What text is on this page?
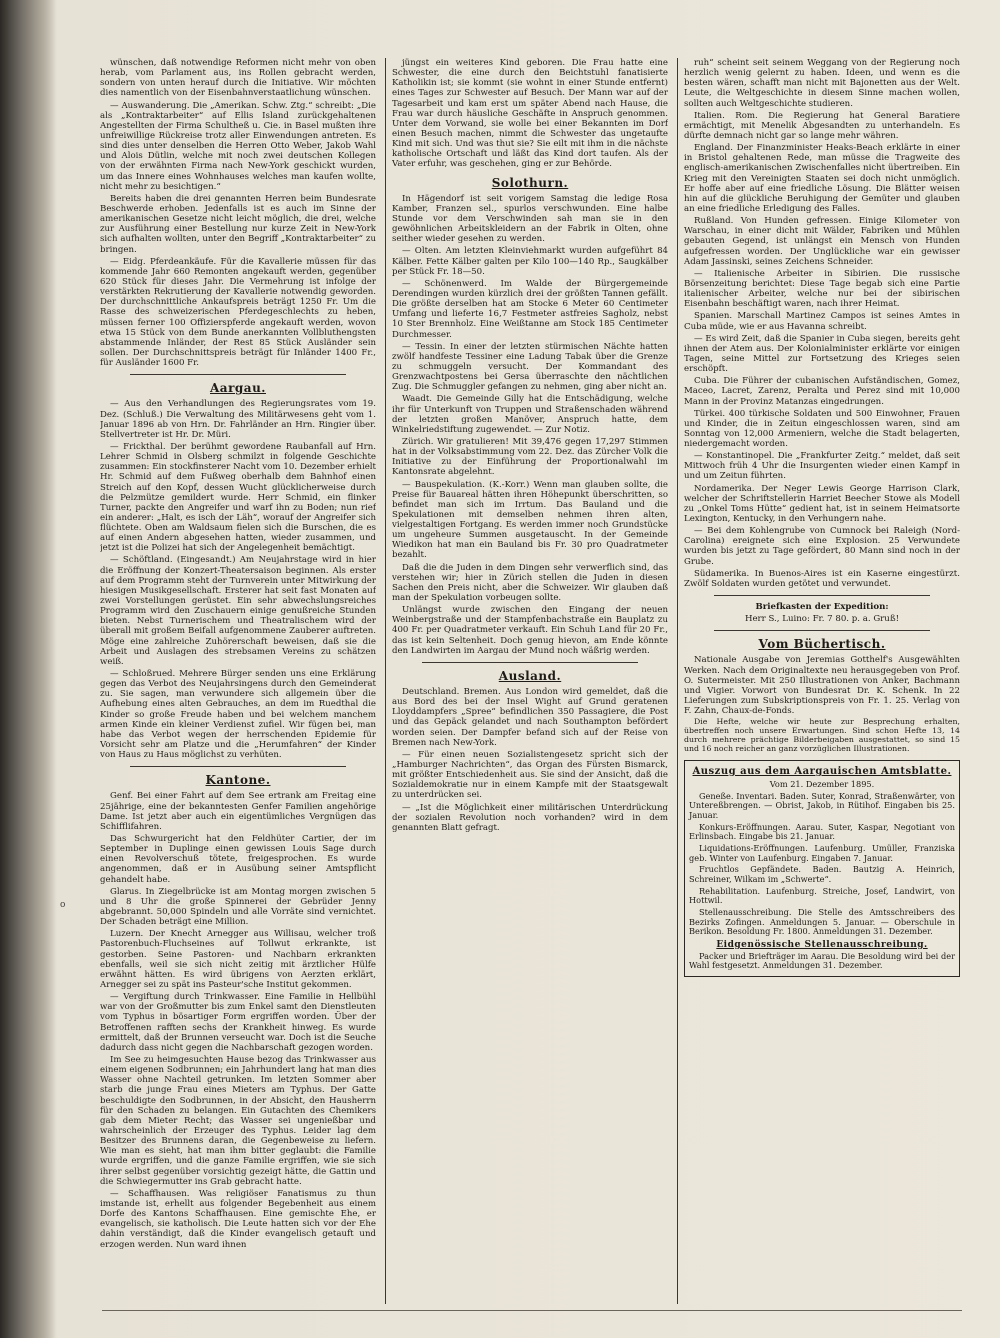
o

wünschen, daß notwendige Reformen nicht mehr von oben herab, vom Parlament aus, ins Rollen gebracht werden, sondern von unten herauf durch die Initiative. Wir möchten dies namentlich von der Eisenbahnverstaatlichung wünschen.

— Auswanderung. Die „Amerikan. Schw. Ztg.“ schreibt: „Die als „Kontraktarbeiter“ auf Ellis Island zurückgehaltenen Angestellten der Firma Schultheß u. Cie. in Basel mußten ihre unfreiwillige Rückreise trotz aller Einwendungen antreten. Es sind dies unter denselben die Herren Otto Weber, Jakob Wahl und Alois Dütlin, welche mit noch zwei deutschen Kollegen von der erwähnten Firma nach New-York geschickt wurden, um das Innere eines Wohnhauses welches man kaufen wollte, nicht mehr zu besichtigen.“

Bereits haben die drei genannten Herren beim Bundesrate Beschwerde erhoben. Jedenfalls ist es auch im Sinne der amerikanischen Gesetze nicht leicht möglich, die drei, welche zur Ausführung einer Bestellung nur kurze Zeit in New-York sich aufhalten wollten, unter den Begriff „Kontraktarbeiter“ zu bringen.

— Eidg. Pferdeankäufe. Für die Kavallerie müssen für das kommende Jahr 660 Remonten angekauft werden, gegenüber 620 Stück für dieses Jahr. Die Vermehrung ist infolge der verstärkten Rekrutierung der Kavallerie notwendig geworden. Der durchschnittliche Ankaufspreis beträgt 1250 Fr. Um die Rasse des schweizerischen Pferdegeschlechts zu heben, müssen ferner 100 Offizierspferde angekauft werden, wovon etwa 15 Stück von dem Bunde anerkannten Vollbluthengsten abstammende Inländer, der Rest 85 Stück Ausländer sein sollen. Der Durchschnittspreis beträgt für Inländer 1400 Fr., für Ausländer 1600 Fr.

Aargau.

— Aus den Verhandlungen des Regierungsrates vom 19. Dez. (Schluß.) Die Verwaltung des Militärwesens geht vom 1. Januar 1896 ab von Hrn. Dr. Fahrländer an Hrn. Ringier über. Stellvertreter ist Hr. Dr. Müri.

— Frickthal. Der berühmt gewordene Raubanfall auf Hrn. Lehrer Schmid in Olsberg schmilzt in folgende Geschichte zusammen: Ein stockfinsterer Nacht vom 10. Dezember erhielt Hr. Schmid auf dem Fußweg oberhalb dem Bahnhof einen Streich auf den Kopf, dessen Wucht glücklicherweise durch die Pelzmütze gemildert wurde. Herr Schmid, ein flinker Turner, packte den Angreifer und warf ihn zu Boden; nun rief ein anderer: „Halt, es isch der Läh“, worauf der Angreifer sich flüchtete. Oben am Waldsaum fielen sich die Burschen, die es auf einen Andern abgesehen hatten, wieder zusammen, und jetzt ist die Polizei hat sich der Angelegenheit bemächtigt.

— Schöftland. (Eingesandt.) Am Neujahrstage wird in hier die Eröffnung der Konzert-Theatersaison beginnen. Als erster auf dem Programm steht der Turnverein unter Mitwirkung der hiesigen Musikgesellschaft. Ersterer hat seit fast Monaten auf zwei Vorstellungen gerüstet. Ein sehr abwechslungsreiches Programm wird den Zuschauern einige genußreiche Stunden bieten. Nebst Turnerischem und Theatralischem wird der überall mit großem Beifall aufgenommene Zauberer auftreten. Möge eine zahlreiche Zuhörerschaft beweisen, daß sie die Arbeit und Auslagen des strebsamen Vereins zu schätzen weiß.

— Schloßrued. Mehrere Bürger senden uns eine Erklärung gegen das Verbot des Neujahrsingens durch den Gemeinderat zu. Sie sagen, man verwundere sich allgemein über die Aufhebung eines alten Gebrauches, an dem im Ruedthal die Kinder so große Freude haben und bei welchem manchem armen Kinde ein kleiner Verdienst zufiel. Wir fügen bei, man habe das Verbot wegen der herrschenden Epidemie für Vorsicht sehr am Platze und die „Herumfahren“ der Kinder von Haus zu Haus möglichst zu verhüten.

Kantone.

Genf. Bei einer Fahrt auf dem See ertrank am Freitag eine 25jährige, eine der bekanntesten Genfer Familien angehörige Dame. Ist jetzt aber auch ein eigentümliches Vergnügen das Schifflifahren.

Das Schwurgericht hat den Feldhüter Cartier, der im September in Duplinge einen gewissen Louis Sage durch einen Revolverschuß tötete, freigesprochen. Es wurde angenommen, daß er in Ausübung seiner Amtspflicht gehandelt habe.

Glarus. In Ziegelbrücke ist am Montag morgen zwischen 5 und 8 Uhr die große Spinnerei der Gebrüder Jenny abgebrannt. 50,000 Spindeln und alle Vorräte sind vernichtet. Der Schaden beträgt eine Million.

Luzern. Der Knecht Arnegger aus Willisau, welcher troß Pastorenbuch-Fluchseines auf Tollwut erkrankte, ist gestorben. Seine Pastoren- und Nachbarn erkrankten ebenfalls, weil sie sich nicht zeitig mit ärztlicher Hülfe erwähnt hätten. Es wird übrigens von Aerzten erklärt, Arnegger sei zu spät ins Pasteur'sche Institut gekommen.

— Vergiftung durch Trinkwasser. Eine Familie in Hellbühl war von der Großmutter bis zum Enkel samt den Dienstleuten vom Typhus in bösartiger Form ergriffen worden. Über der Betroffenen rafften sechs der Krankheit hinweg. Es wurde ermittelt, daß der Brunnen verseucht war. Doch ist die Seuche dadurch dass nicht gegen die Nachbarschaft gezogen worden.

Im See zu heimgesuchten Hause bezog das Trinkwasser aus einem eigenen Sodbrunnen; ein Jahrhundert lang hat man dies Wasser ohne Nachteil getrunken. Im letzten Sommer aber starb die junge Frau eines Mieters am Typhus. Der Gatte beschuldigte den Sodbrunnen, in der Absicht, den Hausherrn für den Schaden zu belangen. Ein Gutachten des Chemikers gab dem Mieter Recht; das Wasser sei ungenießbar und wahrscheinlich der Erzeuger des Typhus. Leider lag dem Besitzer des Brunnens daran, die Gegenbeweise zu liefern. Wie man es sieht, hat man ihm bitter geglaubt: die Familie wurde ergriffen, und die ganze Familie ergriffen, wie sie sich ihrer selbst gegenüber vorsichtig gezeigt hätte, die Gattin und die Schwiegermutter ins Grab gebracht hatte.

— Schaffhausen. Was religiöser Fanatismus zu thun imstande ist, erhellt aus folgender Begebenheit aus einem Dorfe des Kantons Schaffhausen. Eine gemischte Ehe, er evangelisch, sie katholisch. Die Leute hatten sich vor der Ehe dahin verständigt, daß die Kinder evangelisch getauft und erzogen werden. Nun ward ihnen

jüngst ein weiteres Kind geboren. Die Frau hatte eine Schwester, die eine durch den Beichtstuhl fanatisierte Katholikin ist; sie kommt (sie wohnt in einer Stunde entfernt) eines Tages zur Schwester auf Besuch. Der Mann war auf der Tagesarbeit und kam erst um später Abend nach Hause, die Frau war durch häusliche Geschäfte in Anspruch genommen. Unter dem Vorwand, sie wolle bei einer Bekannten im Dorf einen Besuch machen, nimmt die Schwester das ungetaufte Kind mit sich. Und was thut sie? Sie eilt mit ihm in die nächste katholische Ortschaft und läßt das Kind dort taufen. Als der Vater erfuhr, was geschehen, ging er zur Behörde.

Solothurn.

In Hägendorf ist seit vorigem Samstag die ledige Rosa Kamber, Franzen sel., spurlos verschwunden. Eine halbe Stunde vor dem Verschwinden sah man sie in den gewöhnlichen Arbeitskleidern an der Fabrik in Olten, ohne seither wieder gesehen zu werden.

— Olten. Am letzten Kleinviehmarkt wurden aufgeführt 84 Kälber. Fette Kälber galten per Kilo 100—140 Rp., Saugkälber per Stück Fr. 18—50.

— Schönenwerd. Im Walde der Bürgergemeinde Derendingen wurden kürzlich drei der größten Tannen gefällt. Die größte derselben hat am Stocke 6 Meter 60 Centimeter Umfang und lieferte 16,7 Festmeter astfreies Sagholz, nebst 10 Ster Brennholz. Eine Weißtanne am Stock 185 Centimeter Durchmesser.

— Tessin. In einer der letzten stürmischen Nächte hatten zwölf handfeste Tessiner eine Ladung Tabak über die Grenze zu schmuggeln versucht. Der Kommandant des Grenzwachtpostens bei Gersa überraschte den nächtlichen Zug. Die Schmuggler gefangen zu nehmen, ging aber nicht an.

Waadt. Die Gemeinde Gilly hat die Entschädigung, welche ihr für Unterkunft von Truppen und Straßenschaden während der letzten großen Manöver, Anspruch hatte, dem Winkelriedstiftung zugewendet. — Zur Notiz.

Zürich. Wir gratulieren! Mit 39,476 gegen 17,297 Stimmen hat in der Volksabstimmung vom 22. Dez. das Zürcher Volk die Initiative zu der Einführung der Proportionalwahl im Kantonsrate abgelehnt.

— Bauspekulation. (K.-Korr.) Wenn man glauben sollte, die Preise für Bauareal hätten ihren Höhepunkt überschritten, so befindet man sich im Irrtum. Das Bauland und die Spekulationen mit demselben nehmen ihren alten, vielgestaltigen Fortgang. Es werden immer noch Grundstücke um ungeheure Summen ausgetauscht. In der Gemeinde Wiedikon hat man ein Bauland bis Fr. 30 pro Quadratmeter bezahlt.

Daß die die Juden in dem Dingen sehr verwerflich sind, das verstehen wir; hier in Zürich stellen die Juden in diesen Sachen den Preis nicht, aber die Schweizer. Wir glauben daß man der Spekulation vorbeugen sollte.

Unlängst wurde zwischen den Eingang der neuen Weinbergstraße und der Stampfenbachstraße ein Bauplatz zu 400 Fr. per Quadratmeter verkauft. Ein Schuh Land für 20 Fr., das ist kein Seltenheit. Doch genug hievon, am Ende könnte den Landwirten im Aargau der Mund noch wäßrig werden.

Ausland.

Deutschland. Bremen. Aus London wird gemeldet, daß die aus Bord des bei der Insel Wight auf Grund geratenen Lloyddampfers „Spree“ befindlichen 350 Passagiere, die Post und das Gepäck gelandet und nach Southampton befördert worden seien. Der Dampfer befand sich auf der Reise von Bremen nach New-York.

— Für einen neuen Sozialistengesetz spricht sich der „Hamburger Nachrichten“, das Organ des Fürsten Bismarck, mit größter Entschiedenheit aus. Sie sind der Ansicht, daß die Sozialdemokratie nur in einem Kampfe mit der Staatsgewalt zu unterdrücken sei.

— „Ist die Möglichkeit einer militärischen Unterdrückung der sozialen Revolution noch vorhanden? wird in dem genannten Blatt gefragt.

ruh“ scheint seit seinem Weggang von der Regierung noch herzlich wenig gelernt zu haben. Ideen, und wenn es die besten wären, schafft man nicht mit Bajonetten aus der Welt. Leute, die Weltgeschichte in diesem Sinne machen wollen, sollten auch Weltgeschichte studieren.

Italien. Rom. Die Regierung hat General Baratiere ermächtigt, mit Menelik Abgesandten zu unterhandeln. Es dürfte demnach nicht gar so lange mehr währen.

England. Der Finanzminister Heaks-Beach erklärte in einer in Bristol gehaltenen Rede, man müsse die Tragweite des englisch-amerikanischen Zwischenfalles nicht übertreiben. Ein Krieg mit den Vereinigten Staaten sei doch nicht unmöglich. Er hoffe aber auf eine friedliche Lösung. Die Blätter weisen hin auf die glückliche Beruhigung der Gemüter und glauben an eine friedliche Erledigung des Falles.

Rußland. Von Hunden gefressen. Einige Kilometer von Warschau, in einer dicht mit Wälder, Fabriken und Mühlen gebauten Gegend, ist unlängst ein Mensch von Hunden aufgefressen worden. Der Unglückliche war ein gewisser Adam Jassinski, seines Zeichens Schneider.

— Italienische Arbeiter in Sibirien. Die russische Börsenzeitung berichtet: Diese Tage begab sich eine Partie italienischer Arbeiter, welche nur bei der sibirischen Eisenbahn beschäftigt waren, nach ihrer Heimat.

Spanien. Marschall Martinez Campos ist seines Amtes in Cuba müde, wie er aus Havanna schreibt.

— Es wird Zeit, daß die Spanier in Cuba siegen, bereits geht ihnen der Atem aus. Der Kolonialminister erklärte vor einigen Tagen, seine Mittel zur Fortsetzung des Krieges seien erschöpft.

Cuba. Die Führer der cubanischen Aufständischen, Gomez, Maceo, Lacret, Zarenz, Peralta und Perez sind mit 10,000 Mann in der Provinz Matanzas eingedrungen.

Türkei. 400 türkische Soldaten und 500 Einwohner, Frauen und Kinder, die in Zeitun eingeschlossen waren, sind am Sonntag von 12,000 Armeniern, welche die Stadt belagerten, niedergemacht worden.

— Konstantinopel. Die „Frankfurter Zeitg.“ meldet, daß seit Mittwoch früh 4 Uhr die Insurgenten wieder einen Kampf in und um Zeitun führten.

Nordamerika. Der Neger Lewis George Harrison Clark, welcher der Schriftstellerin Harriet Beecher Stowe als Modell zu „Onkel Toms Hütte“ gedient hat, ist in seinem Heimatsorte Lexington, Kentucky, in den Verhungern nahe.

— Bei dem Kohlengrube von Cumnock bei Raleigh (Nord-Carolina) ereignete sich eine Explosion. 25 Verwundete wurden bis jetzt zu Tage gefördert, 80 Mann sind noch in der Grube.

Südamerika. In Buenos-Aires ist ein Kaserne eingestürzt. Zwölf Soldaten wurden getötet und verwundet.

Briefkasten der Expedition:

Herr S., Luino: Fr. 7 80. p. a. Gruß!

Vom Büchertisch.

Nationale Ausgabe von Jeremias Gotthelf's Ausgewählten Werken. Nach dem Originaltexte neu herausgegeben von Prof. O. Sutermeister. Mit 250 Illustrationen von Anker, Bachmann und Vigier. Vorwort von Bundesrat Dr. K. Schenk. In 22 Lieferungen zum Subskriptionspreis von Fr. 1. 25. Verlag von F. Zahn, Chaux-de-Fonds.

Die Hefte, welche wir heute zur Besprechung erhalten, übertreffen noch unsere Erwartungen. Sind schon Hefte 13, 14 durch mehrere prächtige Bilderbeigaben ausgestattet, so sind 15 und 16 noch reicher an ganz vorzüglichen Illustrationen.

Auszug aus dem Aargauischen Amtsblatte.

Vom 21. Dezember 1895.

Geneße. Inventari. Baden. Suter, Konrad, Straßenwärter, von Untereßbrengen. — Obrist, Jakob, in Rütihof. Eingaben bis 25. Januar.

Konkurs-Eröffnungen. Aarau. Suter, Kaspar, Negotiant von Erlinsbach. Eingabe bis 21. Januar.

Liquidations-Eröffnungen. Laufenburg. Umüller, Franziska geb. Winter von Laufenburg. Eingaben 7. Januar.

Fruchtlos Gepfändete. Baden. Bautzig A. Heinrich, Schreiner, Wilkam im „Schwerte“.

Rehabilitation. Laufenburg. Streiche, Josef, Landwirt, von Hottwil.

Stellenausschreibung. Die Stelle des Amtsschreibers des Bezirks Zofingen. Anmeldungen 5. Januar. — Oberschule in Berikon. Besoldung Fr. 1800. Anmeldungen 31. Dezember.

Eidgenössische Stellenausschreibung.

Packer und Briefträger im Aarau. Die Besoldung wird bei der Wahl festgesetzt. Anmeldungen 31. Dezember.
